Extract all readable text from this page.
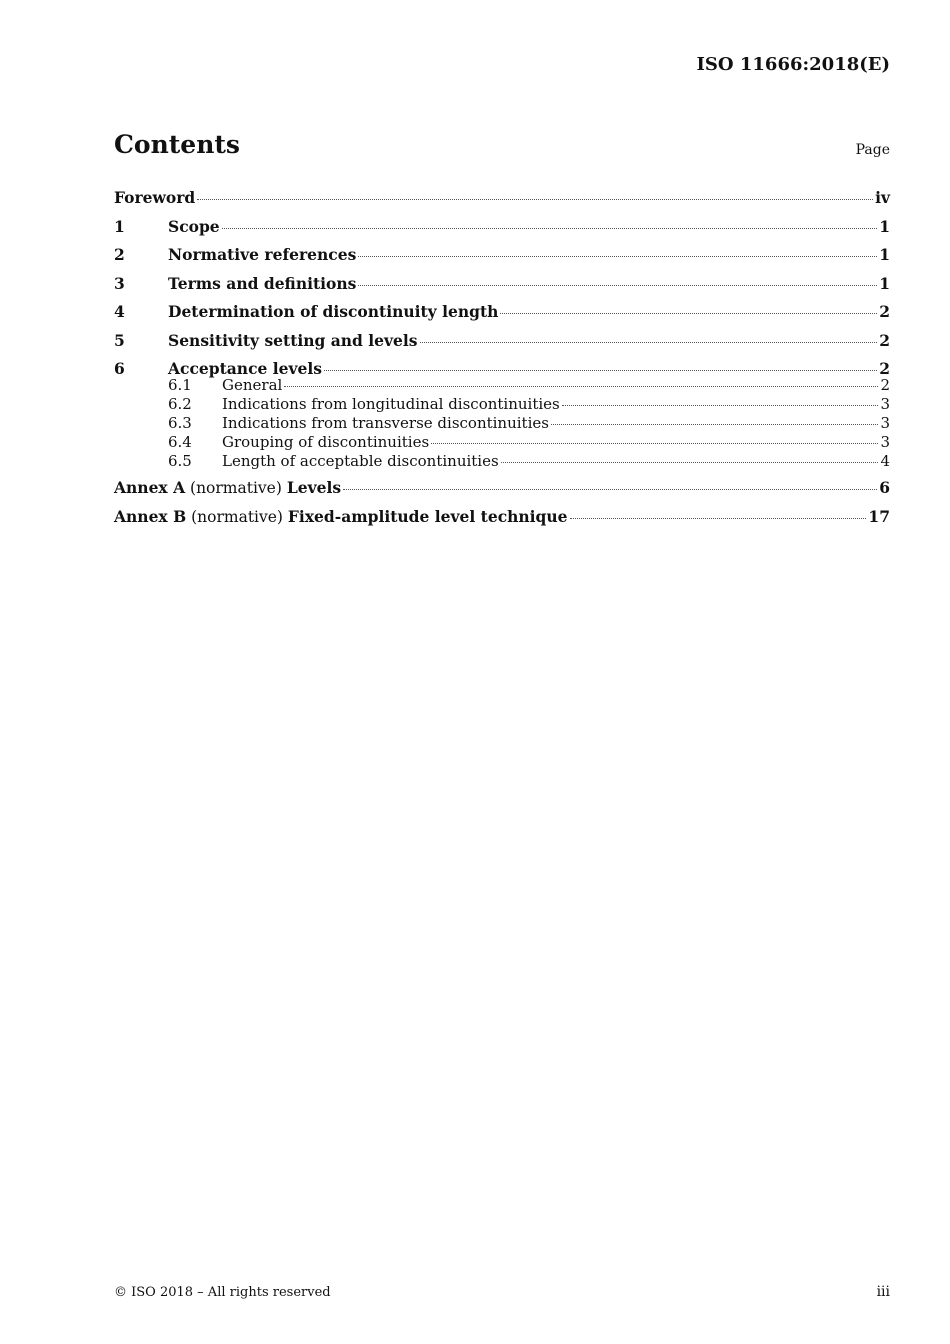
ISO 11666:2018(E)
Contents	Page
Foreword	iv
1	Scope	1
2	Normative references	1
3	Terms and definitions	1
4	Determination of discontinuity length	2
5	Sensitivity setting and levels	2
6	Acceptance levels	2
6.1	General	2
6.2	Indications from longitudinal discontinuities	3
6.3	Indications from transverse discontinuities	3
6.4	Grouping of discontinuities	3
6.5	Length of acceptable discontinuities	4
Annex A (normative) Levels	6
Annex B (normative) Fixed-amplitude level technique	17
© ISO 2018 – All rights reserved	iii
